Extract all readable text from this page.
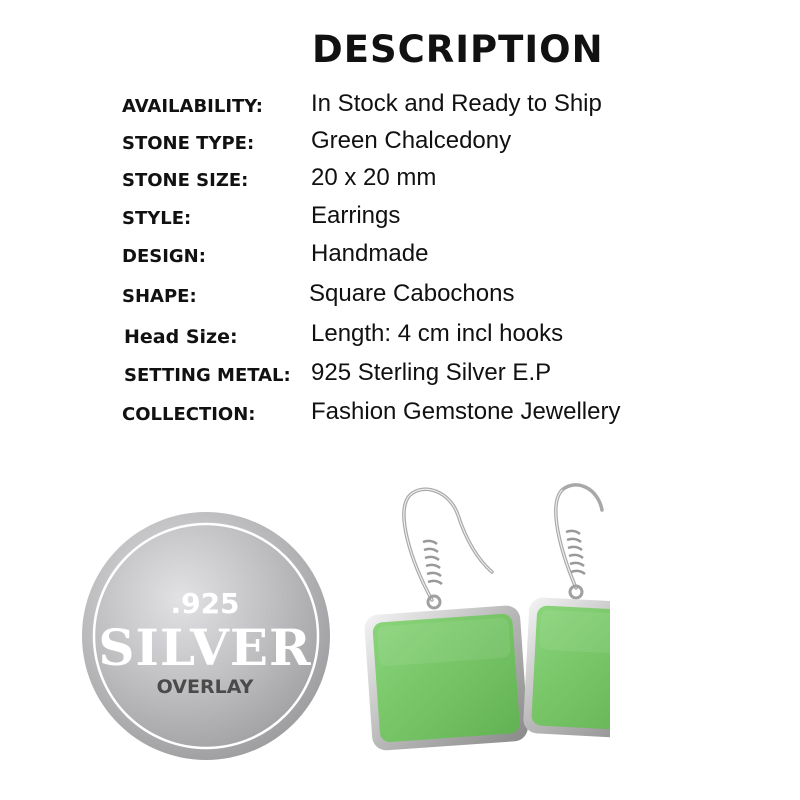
DESCRIPTION
AVAILABILITY: In Stock and Ready to Ship
STONE TYPE: Green Chalcedony
STONE SIZE:	20 x 20 mm
STYLE:	Earrings
DESIGN:	Handmade
SHAPE:	Square Cabochons
Head Size:	Length: 4 cm incl hooks
SETTING METAL: 925 Sterling Silver E.P
COLLECTION: Fashion Gemstone Jewellery
.925
SILVER
OVERLAY
